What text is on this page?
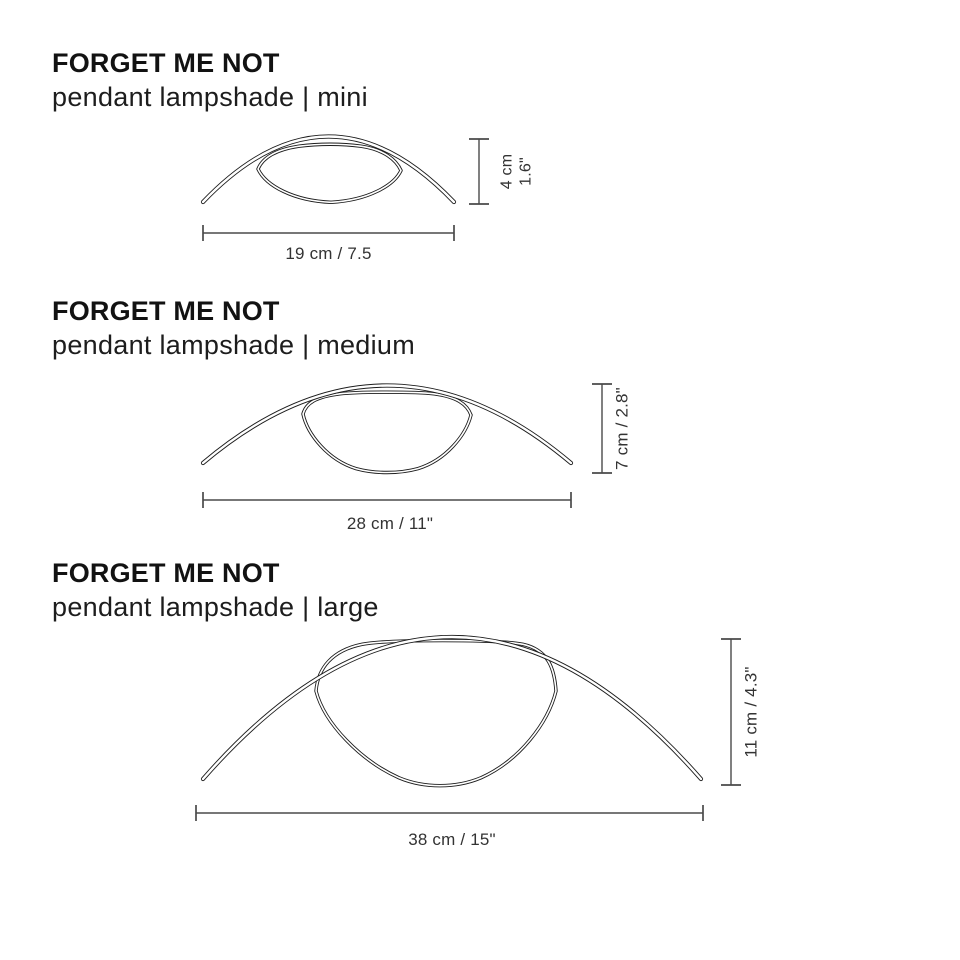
FORGET ME NOT
pendant lampshade | mini
4 cm 1.6"
19 cm / 7.5
FORGET ME NOT
pendant lampshade | medium
7 cm / 2.8"
28 cm / 11"
FORGET ME NOT
pendant lampshade | large
11 cm / 4.3"
38 cm / 15"
